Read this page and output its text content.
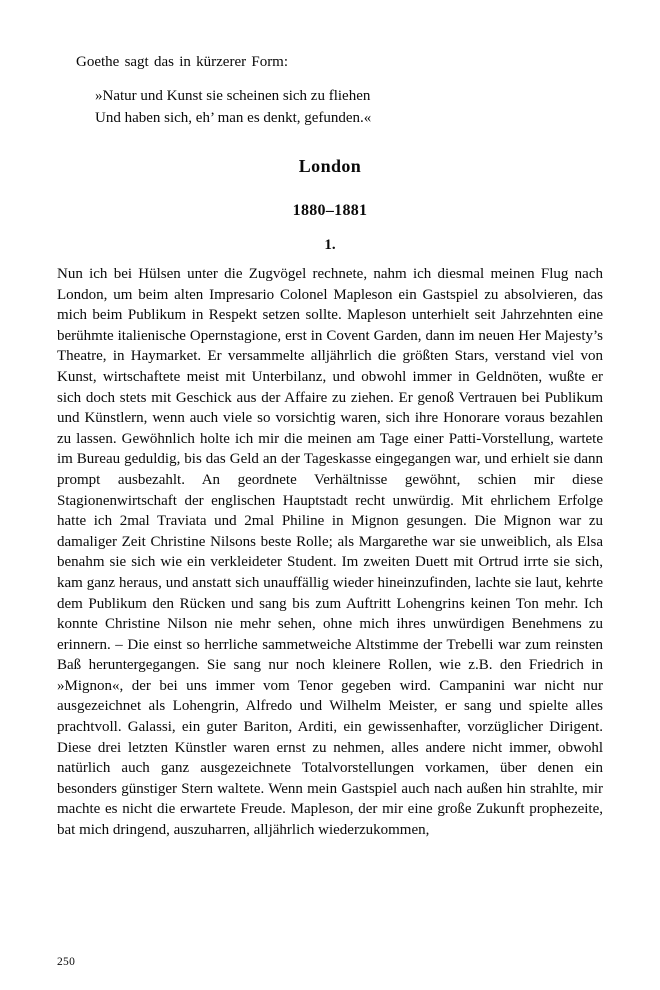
Goethe sagt das in kürzerer Form:
»Natur und Kunst sie scheinen sich zu fliehen
Und haben sich, eh’ man es denkt, gefunden.«
London
1880–1881
1.

Nun ich bei Hülsen unter die Zugvögel rechnete, nahm ich diesmal meinen Flug nach London, um beim alten Impresario Colonel Mapleson ein Gastspiel zu absolvieren, das mich beim Publikum in Respekt setzen sollte. Mapleson unterhielt seit Jahrzehnten eine berühmte italienische Opernstagione, erst in Covent Garden, dann im neuen Her Majesty’s Theatre, in Haymarket. Er versammelte alljährlich die größten Stars, verstand viel von Kunst, wirtschaftete meist mit Unterbilanz, und obwohl immer in Geldnöten, wußte er sich doch stets mit Geschick aus der Affaire zu ziehen. Er genoß Vertrauen bei Publikum und Künstlern, wenn auch viele so vorsichtig waren, sich ihre Honorare voraus bezahlen zu lassen. Gewöhnlich holte ich mir die meinen am Tage einer Patti-Vorstellung, wartete im Bureau geduldig, bis das Geld an der Tageskasse eingegangen war, und erhielt sie dann prompt ausbezahlt. An geordnete Verhältnisse gewöhnt, schien mir diese Stagionenwirtschaft der englischen Hauptstadt recht unwürdig. Mit ehrlichem Erfolge hatte ich 2mal Traviata und 2mal Philine in Mignon gesungen. Die Mignon war zu damaliger Zeit Christine Nilsons beste Rolle; als Margarethe war sie unweiblich, als Elsa benahm sie sich wie ein verkleideter Student. Im zweiten Duett mit Ortrud irrte sie sich, kam ganz heraus, und anstatt sich unauffällig wieder hineinzufinden, lachte sie laut, kehrte dem Publikum den Rücken und sang bis zum Auftritt Lohengrins keinen Ton mehr. Ich konnte Christine Nilson nie mehr sehen, ohne mich ihres unwürdigen Benehmens zu erinnern. – Die einst so herrliche sammetweiche Altstimme der Trebelli war zum reinsten Baß heruntergegangen. Sie sang nur noch kleinere Rollen, wie z.B. den Friedrich in »Mignon«, der bei uns immer vom Tenor gegeben wird. Campanini war nicht nur ausgezeichnet als Lohengrin, Alfredo und Wilhelm Meister, er sang und spielte alles prachtvoll. Galassi, ein guter Bariton, Arditi, ein gewissenhafter, vorzüglicher Dirigent. Diese drei letzten Künstler waren ernst zu nehmen, alles andere nicht immer, obwohl natürlich auch ganz ausgezeichnete Totalvorstellungen vorkamen, über denen ein besonders günstiger Stern waltete. Wenn mein Gastspiel auch nach außen hin strahlte, mir machte es nicht die erwartete Freude. Mapleson, der mir eine große Zukunft prophezeite, bat mich dringend, auszuharren, alljährlich wiederzukommen,

250
